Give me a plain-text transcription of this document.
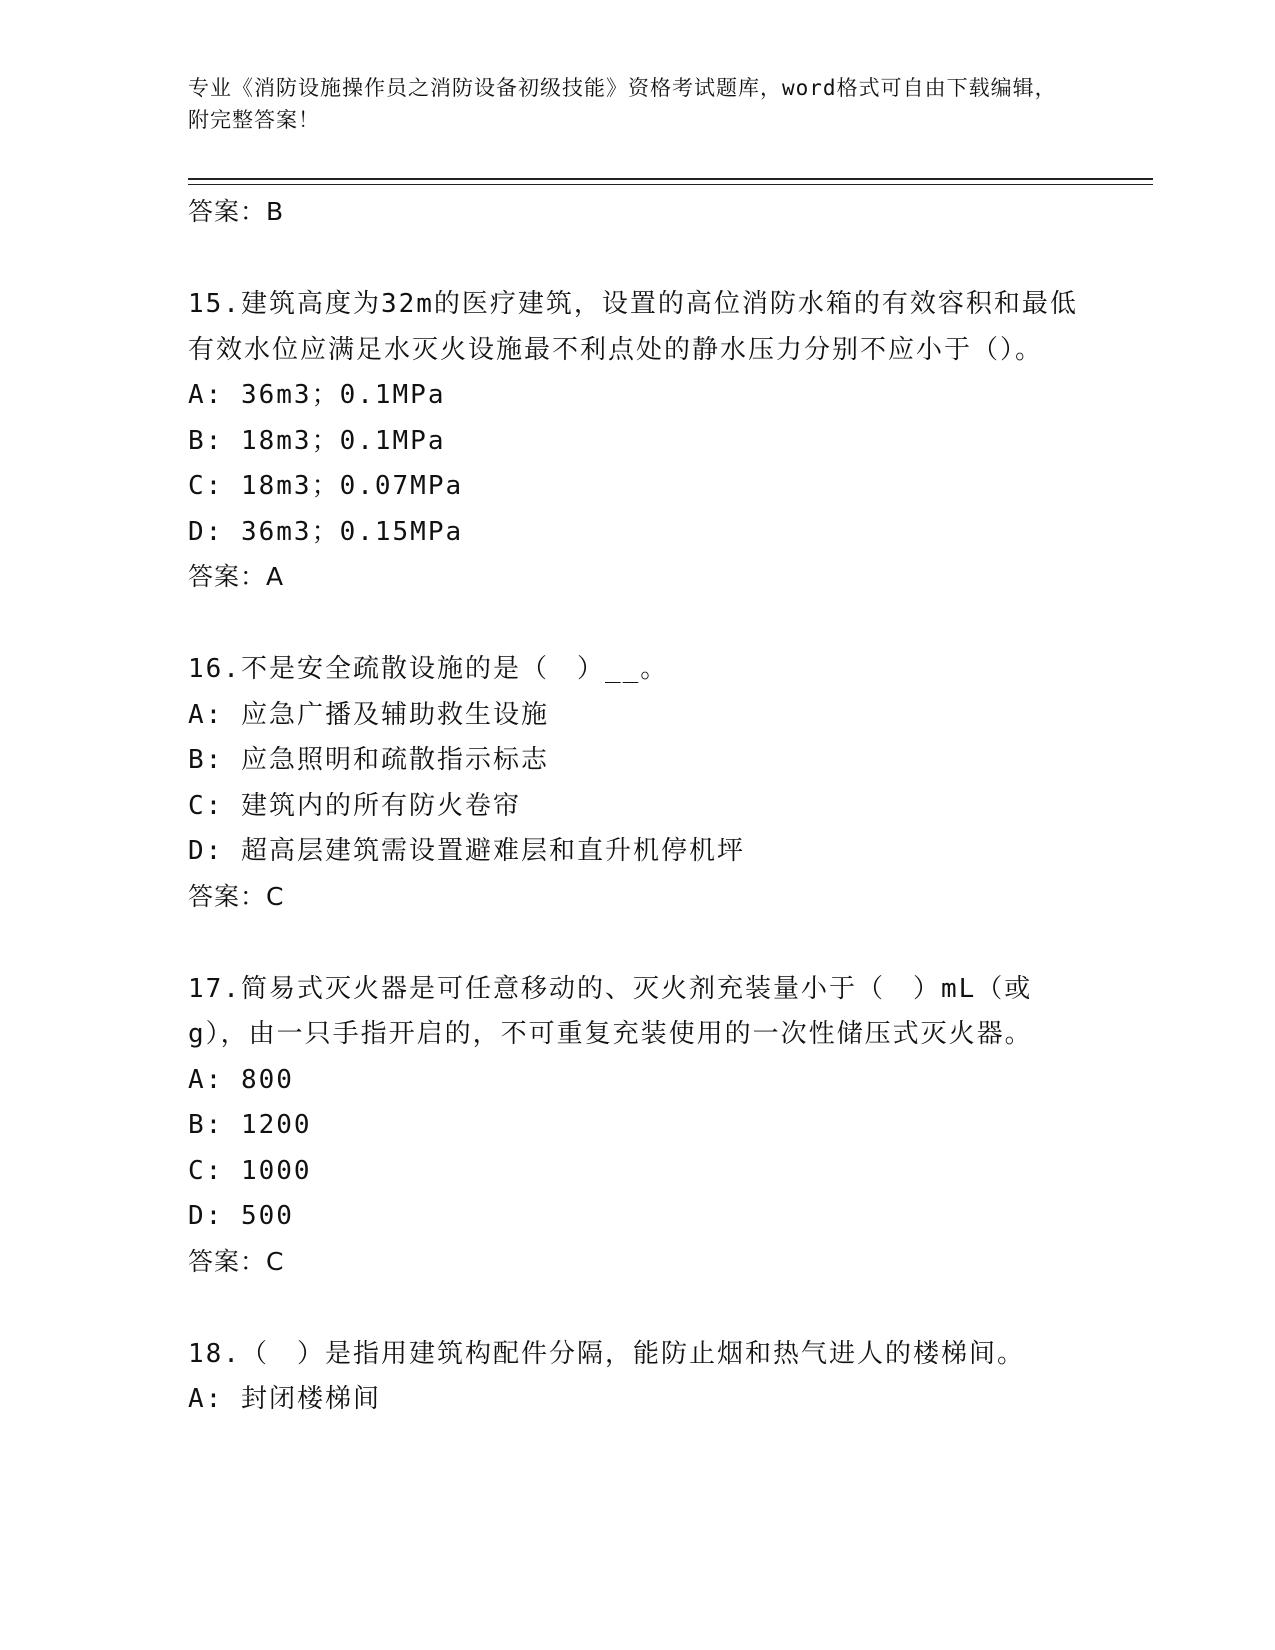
专业《消防设施操作员之消防设备初级技能》资格考试题库，word格式可自由下载编辑，附完整答案！
答案：B
15.建筑高度为32m的医疗建筑，设置的高位消防水箱的有效容积和最低有效水位应满足水灭火设施最不利点处的静水压力分别不应小于（）。
A: 36m3；0.1MPa
B: 18m3；0.1MPa
C: 18m3；0.07MPa
D: 36m3；0.15MPa
答案：A
16.不是安全疏散设施的是（　）__。
A: 应急广播及辅助救生设施
B: 应急照明和疏散指示标志
C: 建筑内的所有防火卷帘
D: 超高层建筑需设置避难层和直升机停机坪
答案：C
17.简易式灭火器是可任意移动的、灭火剂充装量小于（　）mL（或g），由一只手指开启的，不可重复充装使用的一次性储压式灭火器。
A: 800
B: 1200
C: 1000
D: 500
答案：C
18.（　）是指用建筑构配件分隔，能防止烟和热气进人的楼梯间。
A: 封闭楼梯间
